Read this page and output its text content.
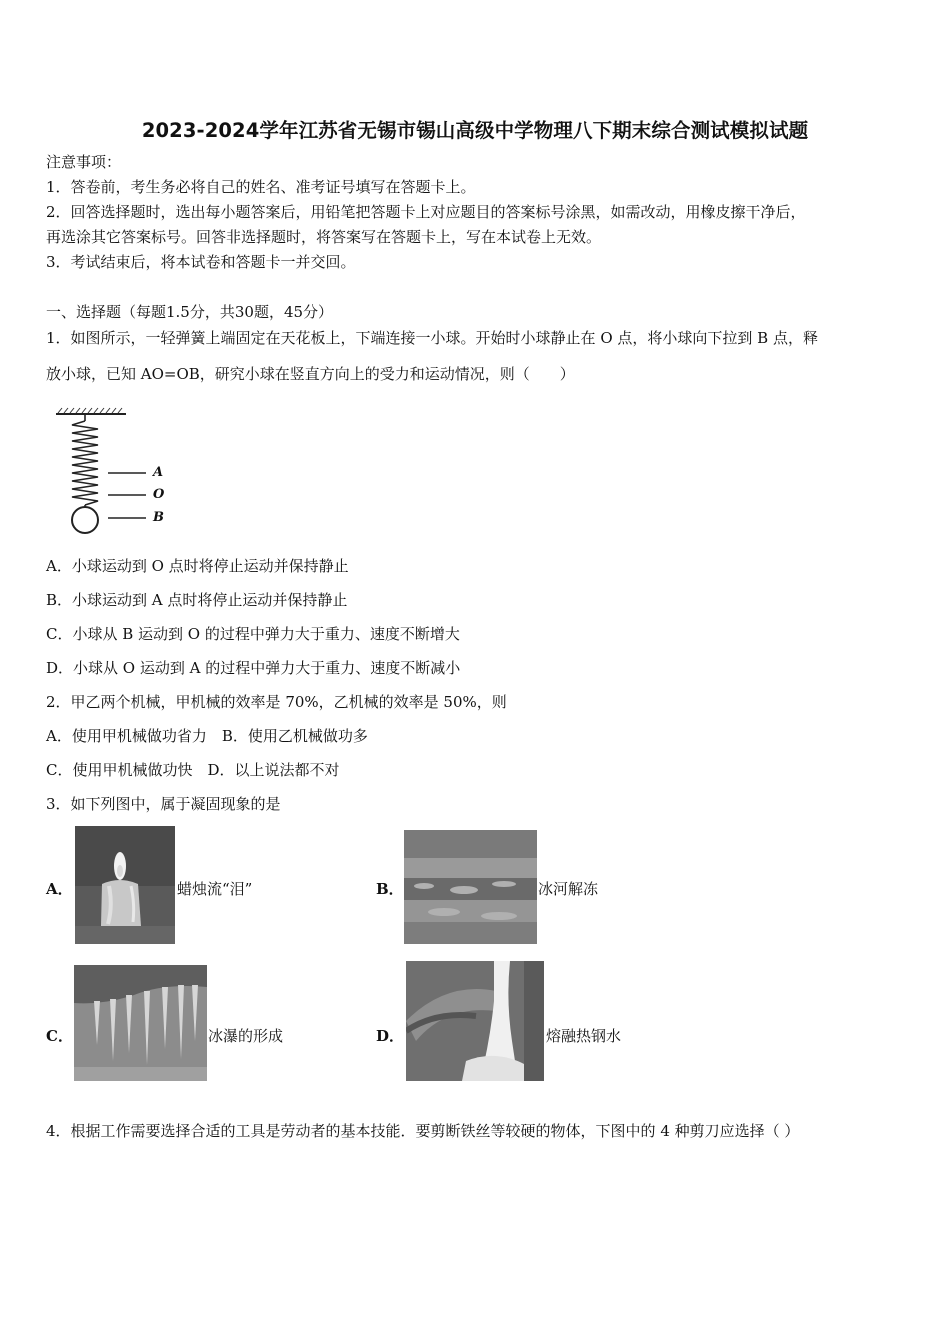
2023-2024学年江苏省无锡市锡山高级中学物理八下期末综合测试模拟试题
注意事项：
1．答卷前，考生务必将自己的姓名、准考证号填写在答题卡上。
2．回答选择题时，选出每小题答案后，用铅笔把答题卡上对应题目的答案标号涂黑，如需改动，用橡皮擦干净后，
再选涂其它答案标号。回答非选择题时，将答案写在答题卡上，写在本试卷上无效。
3．考试结束后，将本试卷和答题卡一并交回。
一、选择题（每题1.5分，共30题，45分）
1．如图所示，一轻弹簧上端固定在天花板上，下端连接一小球。开始时小球静止在 O 点，将小球向下拉到 B 点，释
放小球，已知 AO=OB，研究小球在竖直方向上的受力和运动情况，则（　　）
A
O
B
A．小球运动到 O 点时将停止运动并保持静止
B．小球运动到 A 点时将停止运动并保持静止
C．小球从 B 运动到 O 的过程中弹力大于重力、速度不断增大
D．小球从 O 运动到 A 的过程中弹力大于重力、速度不断减小
2．甲乙两个机械，甲机械的效率是 70%，乙机械的效率是 50%，则
A．使用甲机械做功省力　B．使用乙机械做功多
C．使用甲机械做功快　D．以上说法都不对
3．如下列图中，属于凝固现象的是
A．	蜡烛流“泪”	B．	冰河解冻
C．	冰瀑的形成	D．	熔融热钢水
4．根据工作需要选择合适的工具是劳动者的基本技能．要剪断铁丝等较硬的物体，下图中的 4 种剪刀应选择（ ）
